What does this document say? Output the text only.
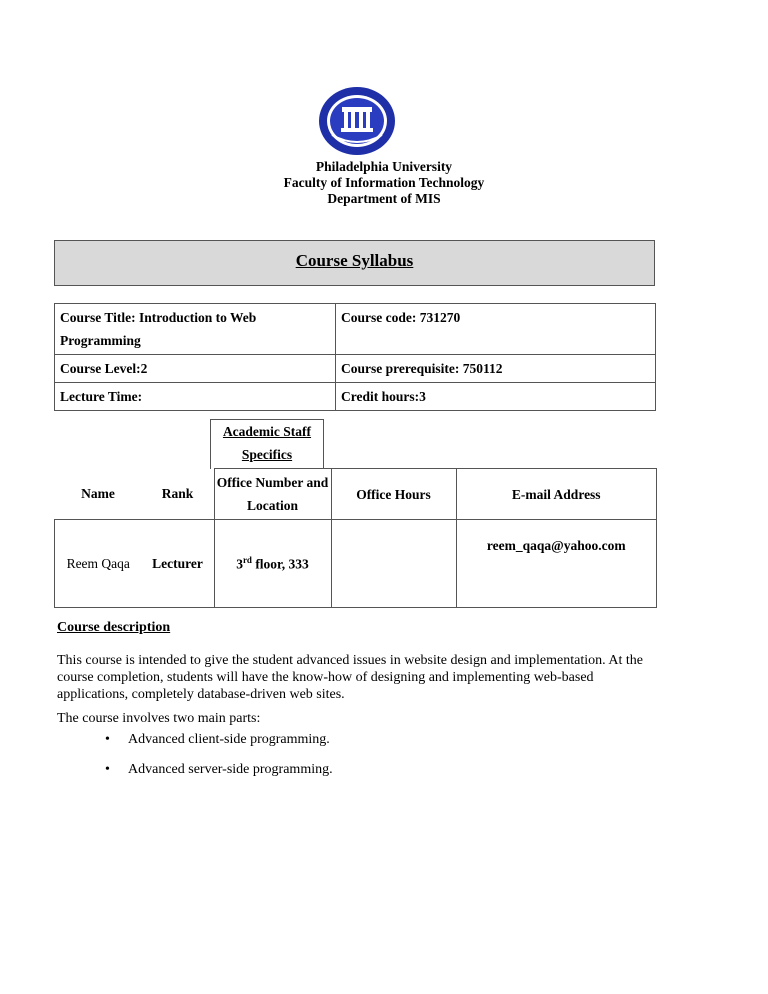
Philadelphia University
Faculty of Information Technology
Department of MIS
Course Syllabus
Course Title: Introduction to Web Programming	Course code: 731270
Course Level:2	Course prerequisite: 750112
Lecture Time:	Credit hours:3
Academic Staff Specifics
Name	Rank	Office Number and Location	Office Hours	E-mail Address
Reem Qaqa	Lecturer	3rd floor, 333		reem_qaqa@yahoo.com
Course description
This course is intended to give the student advanced issues in website design and implementation. At the course completion, students will have the know-how of designing and implementing web-based applications, completely database-driven web sites.
The course involves two main parts:
• Advanced client-side programming.
• Advanced server-side programming.
